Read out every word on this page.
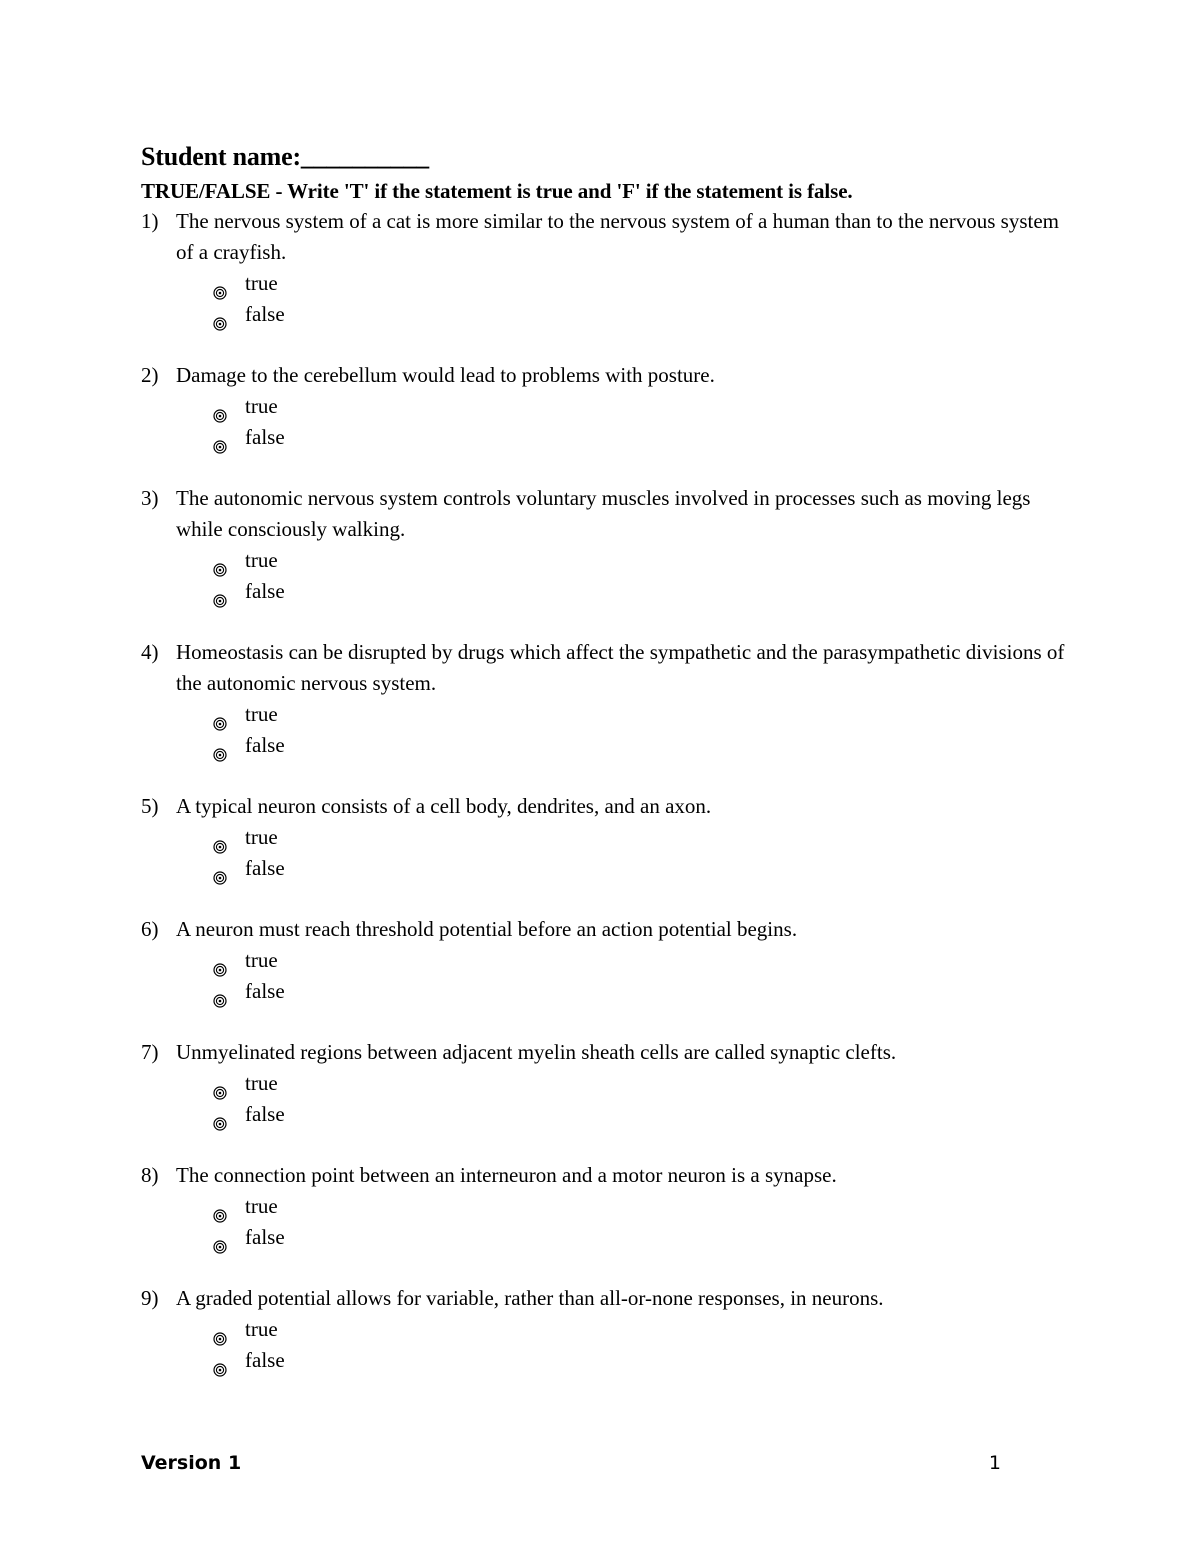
Student name:__________
TRUE/FALSE - Write 'T' if the statement is true and 'F' if the statement is false.
1) The nervous system of a cat is more similar to the nervous system of a human than to the nervous system of a crayfish.
true
false
2) Damage to the cerebellum would lead to problems with posture.
true
false
3) The autonomic nervous system controls voluntary muscles involved in processes such as moving legs while consciously walking.
true
false
4) Homeostasis can be disrupted by drugs which affect the sympathetic and the parasympathetic divisions of the autonomic nervous system.
true
false
5) A typical neuron consists of a cell body, dendrites, and an axon.
true
false
6) A neuron must reach threshold potential before an action potential begins.
true
false
7) Unmyelinated regions between adjacent myelin sheath cells are called synaptic clefts.
true
false
8) The connection point between an interneuron and a motor neuron is a synapse.
true
false
9) A graded potential allows for variable, rather than all-or-none responses, in neurons.
true
false
Version 1	1
